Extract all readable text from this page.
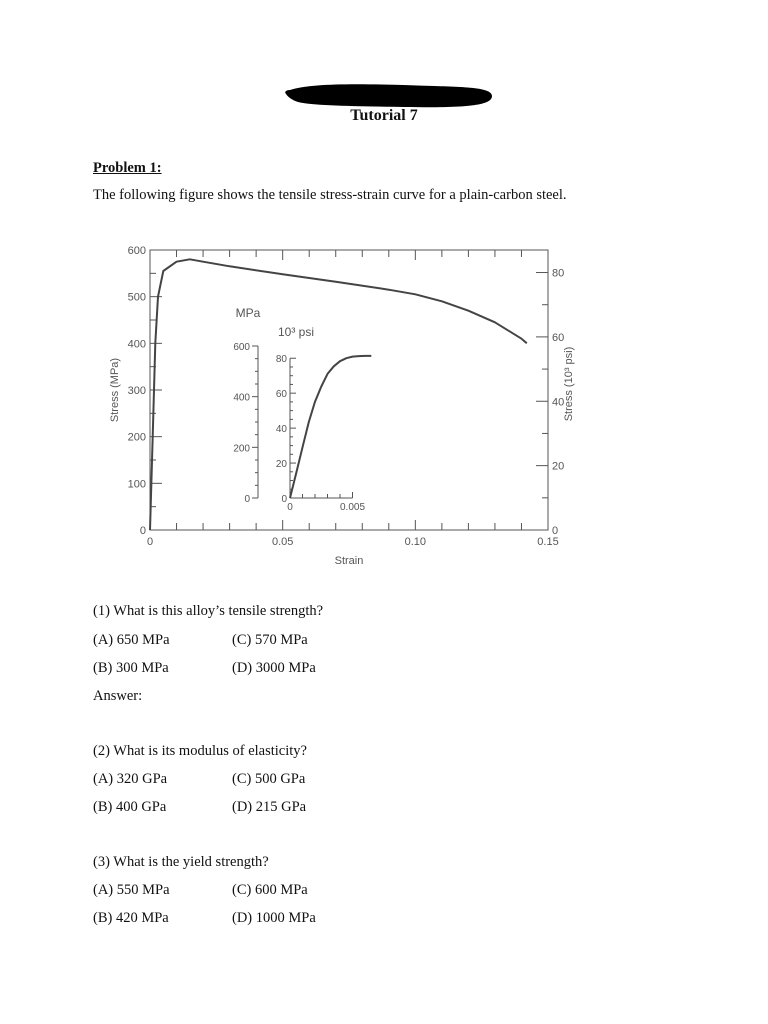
Tutorial 7
Problem 1:
The following figure shows the tensile stress-strain curve for a plain-carbon steel.
0	0.05	0.10	0.15
0
100
200
300
400
500
600
0
20
40
60
80
Strain
Stress (MPa)	Stress (10³ psi)
0
200
400
600
MPa
0
20
40
60
80
10³ psi
0	0.005
(1) What is this alloy’s tensile strength?
(A) 650 MPa	(C) 570 MPa
(B) 300 MPa	(D) 3000 MPa
Answer:
(2) What is its modulus of elasticity?
(A) 320 GPa	(C) 500 GPa
(B) 400 GPa	(D) 215 GPa
(3) What is the yield strength?
(A) 550 MPa	(C) 600 MPa
(B) 420 MPa	(D) 1000 MPa
